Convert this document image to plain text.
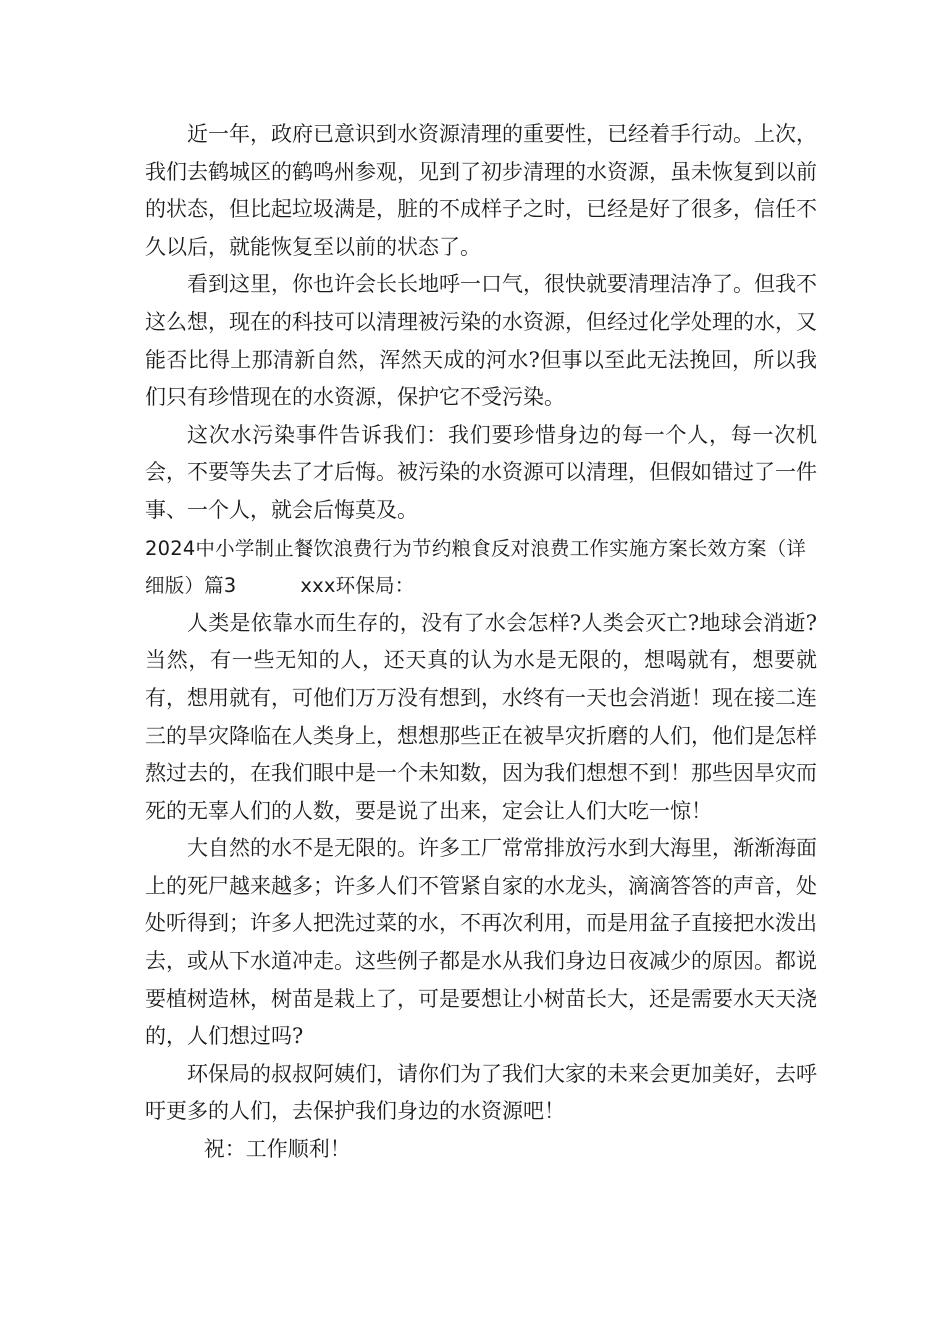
近一年，政府已意识到水资源清理的重要性，已经着手行动。上次，我们去鹤城区的鹤鸣州参观，见到了初步清理的水资源，虽未恢复到以前的状态，但比起垃圾满是，脏的不成样子之时，已经是好了很多，信任不久以后，就能恢复至以前的状态了。

看到这里，你也许会长长地呼一口气，很快就要清理洁净了。但我不这么想，现在的科技可以清理被污染的水资源，但经过化学处理的水，又能否比得上那清新自然，浑然天成的河水?但事以至此无法挽回，所以我们只有珍惜现在的水资源，保护它不受污染。

这次水污染事件告诉我们：我们要珍惜身边的每一个人，每一次机会，不要等失去了才后悔。被污染的水资源可以清理，但假如错过了一件事、一个人，就会后悔莫及。

2024中小学制止餐饮浪费行为节约粮食反对浪费工作实施方案长效方案（详细版）篇3          xxx环保局：

人类是依靠水而生存的，没有了水会怎样?人类会灭亡?地球会消逝?当然，有一些无知的人，还天真的认为水是无限的，想喝就有，想要就有，想用就有，可他们万万没有想到，水终有一天也会消逝！现在接二连三的旱灾降临在人类身上，想想那些正在被旱灾折磨的人们，他们是怎样熬过去的，在我们眼中是一个未知数，因为我们想想不到！那些因旱灾而死的无辜人们的人数，要是说了出来，定会让人们大吃一惊！

大自然的水不是无限的。许多工厂常常排放污水到大海里，渐渐海面上的死尸越来越多；许多人们不管紧自家的水龙头，滴滴答答的声音，处处听得到；许多人把洗过菜的水，不再次利用，而是用盆子直接把水泼出去，或从下水道冲走。这些例子都是水从我们身边日夜减少的原因。都说要植树造林，树苗是栽上了，可是要想让小树苗长大，还是需要水天天浇的，人们想过吗?

环保局的叔叔阿姨们，请你们为了我们大家的未来会更加美好，去呼吁更多的人们，去保护我们身边的水资源吧！

祝：工作顺利！
